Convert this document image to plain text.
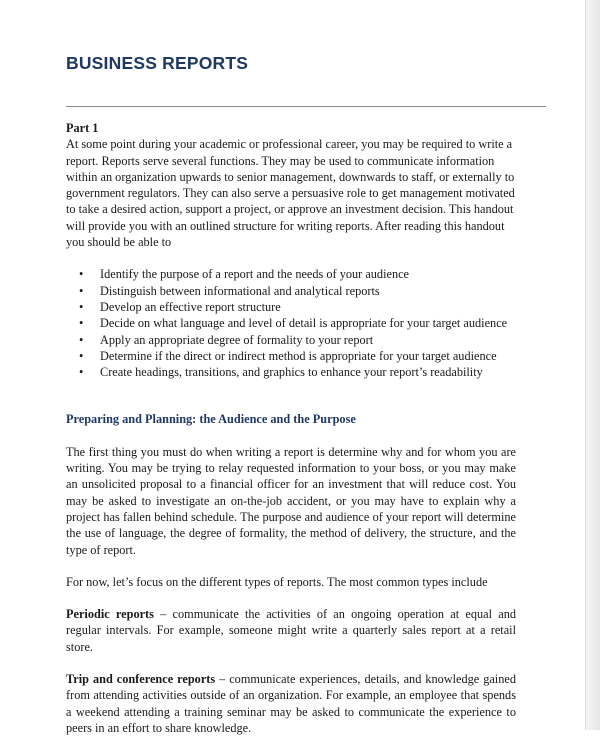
BUSINESS REPORTS

Part 1

At some point during your academic or professional career, you may be required to write a report. Reports serve several functions. They may be used to communicate information within an organization upwards to senior management, downwards to staff, or externally to government regulators. They can also serve a persuasive role to get management motivated to take a desired action, support a project, or approve an investment decision. This handout will provide you with an outlined structure for writing reports. After reading this handout you should be able to

• Identify the purpose of a report and the needs of your audience
• Distinguish between informational and analytical reports
• Develop an effective report structure
• Decide on what language and level of detail is appropriate for your target audience
• Apply an appropriate degree of formality to your report
• Determine if the direct or indirect method is appropriate for your target audience
• Create headings, transitions, and graphics to enhance your report’s readability

Preparing and Planning: the Audience and the Purpose

The first thing you must do when writing a report is determine why and for whom you are writing. You may be trying to relay requested information to your boss, or you may make an unsolicited proposal to a financial officer for an investment that will reduce cost. You may be asked to investigate an on-the-job accident, or you may have to explain why a project has fallen behind schedule. The purpose and audience of your report will determine the use of language, the degree of formality, the method of delivery, the structure, and the type of report.

For now, let’s focus on the different types of reports. The most common types include

Periodic reports – communicate the activities of an ongoing operation at equal and regular intervals. For example, someone might write a quarterly sales report at a retail store.

Trip and conference reports – communicate experiences, details, and knowledge gained from attending activities outside of an organization. For example, an employee that spends a weekend attending a training seminar may be asked to communicate the experience to peers in an effort to share knowledge.
